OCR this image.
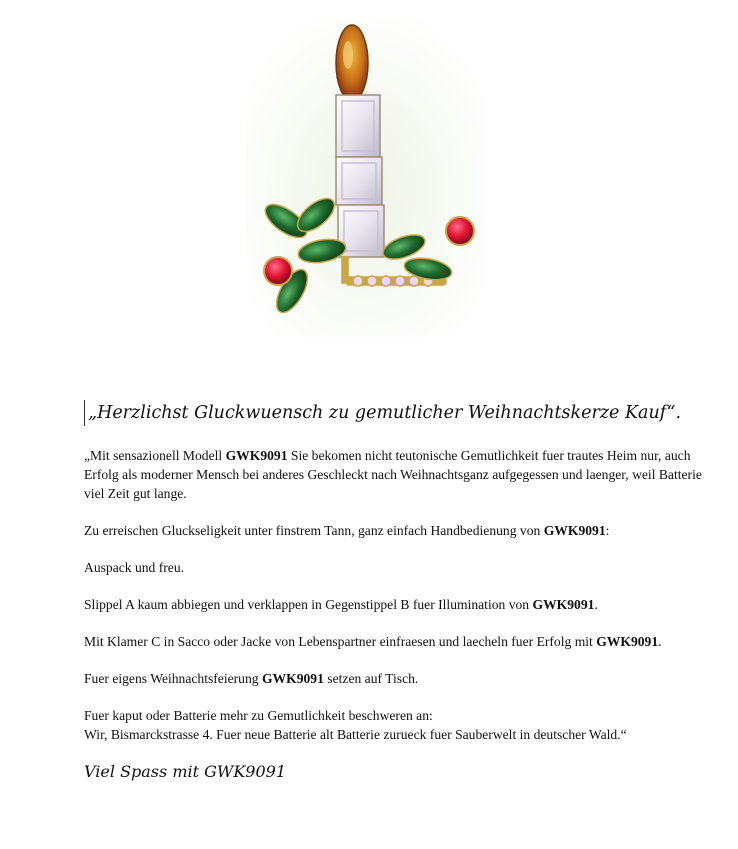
„Herzlichst Gluckwuensch zu gemutlicher Weihnachtskerze Kauf“.

„Mit sensazionell Modell GWK9091 Sie bekomen nicht teutonische Gemutlichkeit fuer trautes Heim nur, auch Erfolg als moderner Mensch bei anderes Geschleckt nach Weihnachtsganz aufgegessen und laenger, weil Batterie viel Zeit gut lange.

Zu erreischen Gluckseligkeit unter finstrem Tann, ganz einfach Handbedienung von GWK9091:

Auspack und freu.

Slippel A kaum abbiegen und verklappen in Gegenstippel B fuer Illumination von GWK9091.

Mit Klamer C in Sacco oder Jacke von Lebenspartner einfraesen und laecheln fuer Erfolg mit GWK9091.

Fuer eigens Weihnachtsfeierung GWK9091 setzen auf Tisch.

Fuer kaput oder Batterie mehr zu Gemutlichkeit beschweren an:
Wir, Bismarckstrasse 4. Fuer neue Batterie alt Batterie zurueck fuer Sauberwelt in deutscher Wald.“

Viel Spass mit GWK9091
